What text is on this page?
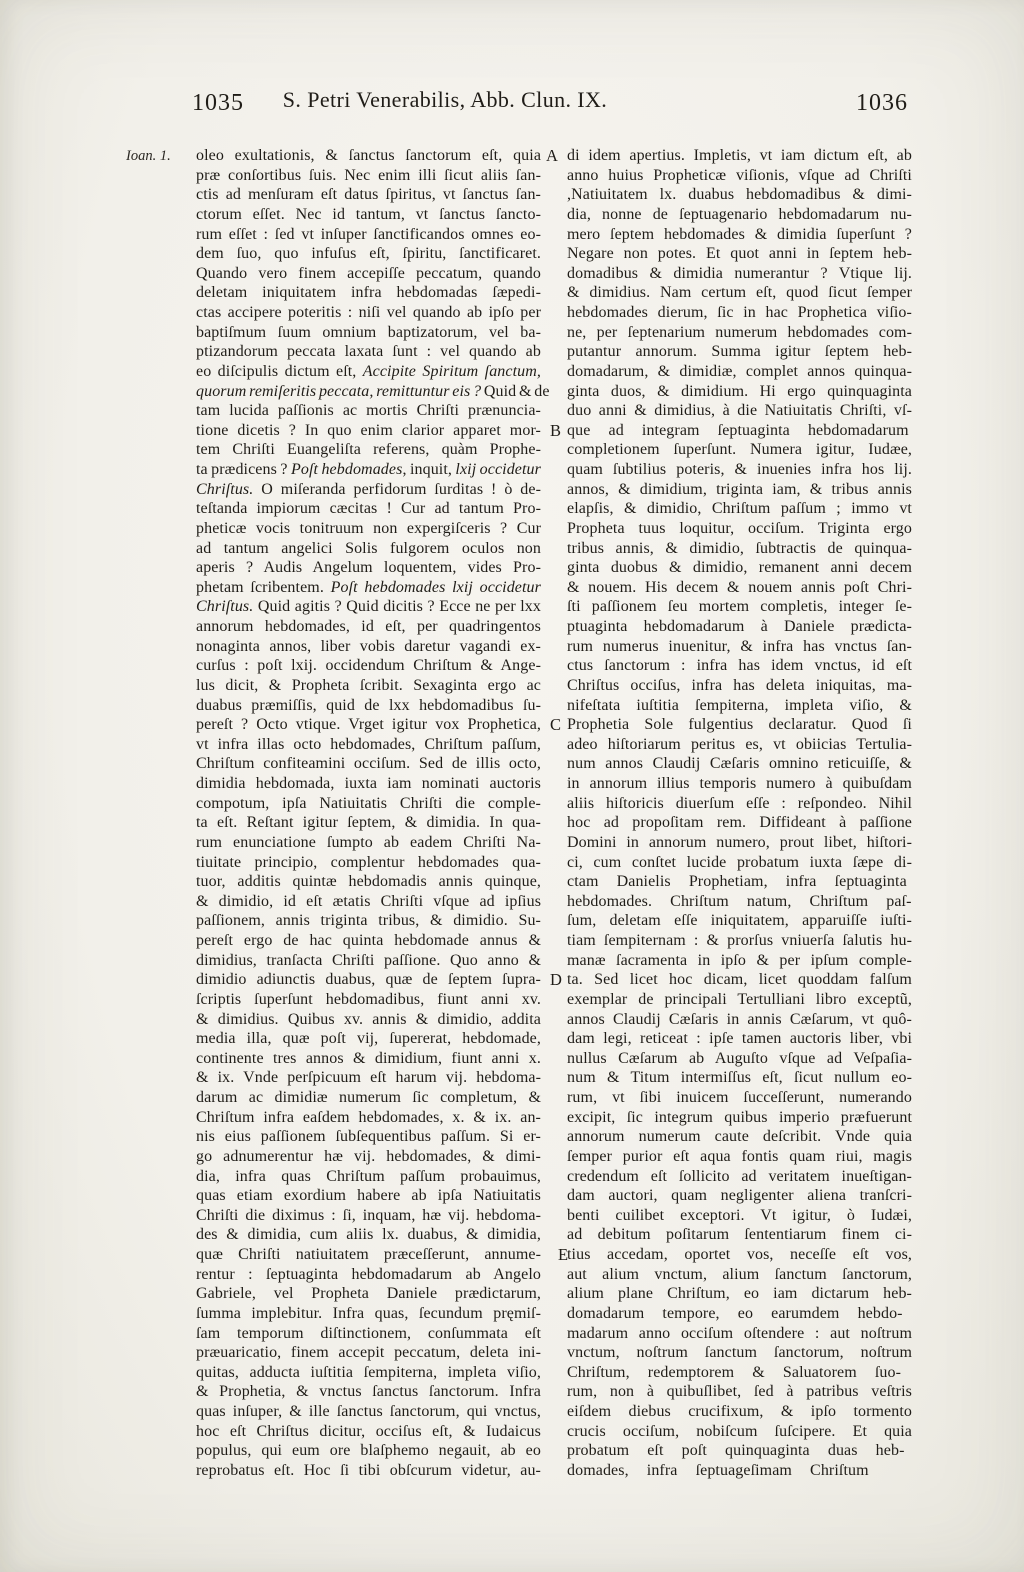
1035 S. Petri Venerabilis, Abb. Clun. IX.	1036
Ioan. 1. oleo exultationis, & ſanctus ſanctorum eſt, quia
præ conſortibus ſuis. Nec enim illi ſicut aliis ſan-
ctis ad menſuram eſt datus ſpiritus, vt ſanctus ſan-
ctorum eſſet. Nec id tantum, vt ſanctus ſancto-
rum eſſet : ſed vt inſuper ſanctificandos omnes eo-
dem ſuo, quo infuſus eſt, ſpiritu, ſanctificaret.
Quando vero finem accepiſſe peccatum, quando
deletam iniquitatem infra hebdomadas ſæpedi-
ctas accipere poteritis : niſi vel quando ab ipſo per
baptiſmum ſuum omnium baptizatorum, vel ba-
ptizandorum peccata laxata ſunt : vel quando ab
eo diſcipulis dictum eſt, Accipite Spiritum ſanctum,
quorum remiſeritis peccata, remittuntur eis ? Quid & de
tam lucida paſſionis ac mortis Chriſti prænuncia-
tione dicetis ? In quo enim clarior apparet mor-
tem Chriſti Euangeliſta referens, quàm Prophe-
ta prædicens ? Poſt hebdomades, inquit, lxij occidetur
Chriſtus. O miſeranda perfidorum ſurditas ! ò de-
teſtanda impiorum cæcitas ! Cur ad tantum Pro-
pheticæ vocis tonitruum non expergiſceris ? Cur
ad tantum angelici Solis fulgorem oculos non
aperis ? Audis Angelum loquentem, vides Pro-
phetam ſcribentem. Poſt hebdomades lxij occidetur
Chriſtus. Quid agitis ? Quid dicitis ? Ecce ne per lxx
annorum hebdomades, id eſt, per quadringentos
nonaginta annos, liber vobis daretur vagandi ex-
curſus : poſt lxij. occidendum Chriſtum & Ange-
lus dicit, & Propheta ſcribit. Sexaginta ergo ac
duabus præmiſſis, quid de lxx hebdomadibus ſu-
pereſt ? Octo vtique. Vrget igitur vox Prophetica,
vt infra illas octo hebdomades, Chriſtum paſſum,
Chriſtum confiteamini occiſum. Sed de illis octo,
dimidia hebdomada, iuxta iam nominati auctoris
compotum, ipſa Natiuitatis Chriſti die comple-
ta eſt. Reſtant igitur ſeptem, & dimidia. In qua-
rum enunciatione ſumpto ab eadem Chriſti Na-
tiuitate principio, complentur hebdomades qua-
tuor, additis quintæ hebdomadis annis quinque,
& dimidio, id eſt ætatis Chriſti vſque ad ipſius
paſſionem, annis triginta tribus, & dimidio. Su-
pereſt ergo de hac quinta hebdomade annus &
dimidius, tranſacta Chriſti paſſione. Quo anno &
dimidio adiunctis duabus, quæ de ſeptem ſupra-
ſcriptis ſuperſunt hebdomadibus, fiunt anni xv.
& dimidius. Quibus xv. annis & dimidio, addita
media illa, quæ poſt vij, ſupererat, hebdomade,
continente tres annos & dimidium, fiunt anni x.
& ix. Vnde perſpicuum eſt harum vij. hebdoma-
darum ac dimidiæ numerum ſic completum, &
Chriſtum infra eaſdem hebdomades, x. & ix. an-
nis eius paſſionem ſubſequentibus paſſum. Si er-
go adnumerentur hæ vij. hebdomades, & dimi-
dia, infra quas Chriſtum paſſum probauimus,
quas etiam exordium habere ab ipſa Natiuitatis
Chriſti die diximus : ſi, inquam, hæ vij. hebdoma-
des & dimidia, cum aliis lx. duabus, & dimidia,
quæ Chriſti natiuitatem præceſſerunt, annume-
rentur : ſeptuaginta hebdomadarum ab Angelo
Gabriele, vel Propheta Daniele prædictarum,
ſumma implebitur. Infra quas, ſecundum pręmiſ-
ſam temporum diſtinctionem, conſummata eſt
præuaricatio, finem accepit peccatum, deleta ini-
quitas, adducta iuſtitia ſempiterna, impleta viſio,
& Prophetia, & vnctus ſanctus ſanctorum. Infra
quas inſuper, & ille ſanctus ſanctorum, qui vnctus,
hoc eſt Chriſtus dicitur, occiſus eſt, & Iudaicus
populus, qui eum ore blaſphemo negauit, ab eo
reprobatus eſt. Hoc ſi tibi obſcurum videtur, au-
di idem apertius. Impletis, vt iam dictum eſt, ab
anno huius Propheticæ viſionis, vſque ad Chriſti
,Natiuitatem lx. duabus hebdomadibus & dimi-
dia, nonne de ſeptuagenario hebdomadarum nu-
mero ſeptem hebdomades & dimidia ſuperſunt ?
Negare non potes. Et quot anni in ſeptem heb-
domadibus & dimidia numerantur ? Vtique lij.
& dimidius. Nam certum eſt, quod ſicut ſemper
hebdomades dierum, ſic in hac Prophetica viſio-
ne, per ſeptenarium numerum hebdomades com-
putantur annorum. Summa igitur ſeptem heb-
domadarum, & dimidiæ, complet annos quinqua-
ginta duos, & dimidium. Hi ergo quinquaginta
duo anni & dimidius, à die Natiuitatis Chriſti, vſ-
que ad integram ſeptuaginta hebdomadarum
completionem ſuperſunt. Numera igitur, Iudæe,
quam ſubtilius poteris, & inuenies infra hos lij.
annos, & dimidium, triginta iam, & tribus annis
elapſis, & dimidio, Chriſtum paſſum ; immo vt
Propheta tuus loquitur, occiſum. Triginta ergo
tribus annis, & dimidio, ſubtractis de quinqua-
ginta duobus & dimidio, remanent anni decem
& nouem. His decem & nouem annis poſt Chri-
ſti paſſionem ſeu mortem completis, integer ſe-
ptuaginta hebdomadarum à Daniele prædicta-
rum numerus inuenitur, & infra has vnctus ſan-
ctus ſanctorum : infra has idem vnctus, id eſt
Chriſtus occiſus, infra has deleta iniquitas, ma-
nifeſtata iuſtitia ſempiterna, impleta viſio, &
Prophetia Sole fulgentius declaratur. Quod ſi
adeo hiſtoriarum peritus es, vt obiicias Tertulia-
num annos Claudij Cæſaris omnino reticuiſſe, &
in annorum illius temporis numero à quibuſdam
aliis hiſtoricis diuerſum eſſe : reſpondeo. Nihil
hoc ad propoſitam rem. Diffideant à paſſione
Domini in annorum numero, prout libet, hiſtori-
ci, cum conſtet lucide probatum iuxta ſæpe di-
ctam Danielis Prophetiam, infra ſeptuaginta
hebdomades. Chriſtum natum, Chriſtum paſ-
ſum, deletam eſſe iniquitatem, apparuiſſe iuſti-
tiam ſempiternam : & prorſus vniuerſa ſalutis hu-
manæ ſacramenta in ipſo & per ipſum comple-
ta. Sed licet hoc dicam, licet quoddam falſum
exemplar de principali Tertulliani libro exceptũ,
annos Claudij Cæſaris in annis Cæſarum, vt quô-
dam legi, reticeat : ipſe tamen auctoris liber, vbi
nullus Cæſarum ab Auguſto vſque ad Veſpaſia-
num & Titum intermiſſus eſt, ſicut nullum eo-
rum, vt ſibi inuicem ſucceſſerunt, numerando
excipit, ſic integrum quibus imperio præfuerunt
annorum numerum caute deſcribit. Vnde quia
ſemper purior eſt aqua fontis quam riui, magis
credendum eſt ſollicito ad veritatem inueſtigan-
dam auctori, quam negligenter aliena tranſcri-
benti cuilibet exceptori. Vt igitur, ò Iudæi,
ad debitum poſitarum ſententiarum finem ci-
tius accedam, oportet vos, neceſſe eſt vos,
aut alium vnctum, alium ſanctum ſanctorum,
alium plane Chriſtum, eo iam dictarum heb-
domadarum tempore, eo earumdem hebdo-
madarum anno occiſum oſtendere : aut noſtrum
vnctum, noſtrum ſanctum ſanctorum, noſtrum
Chriſtum, redemptorem & Saluatorem ſuo-
rum, non à quibuſlibet, ſed à patribus veſtris
eiſdem diebus crucifixum, & ipſo tormento
crucis occiſum, nobiſcum ſuſcipere. Et quia
probatum eſt poſt quinquaginta duas heb-
domades, infra ſeptuageſimam Chriſtum
A
B
C
D
E
